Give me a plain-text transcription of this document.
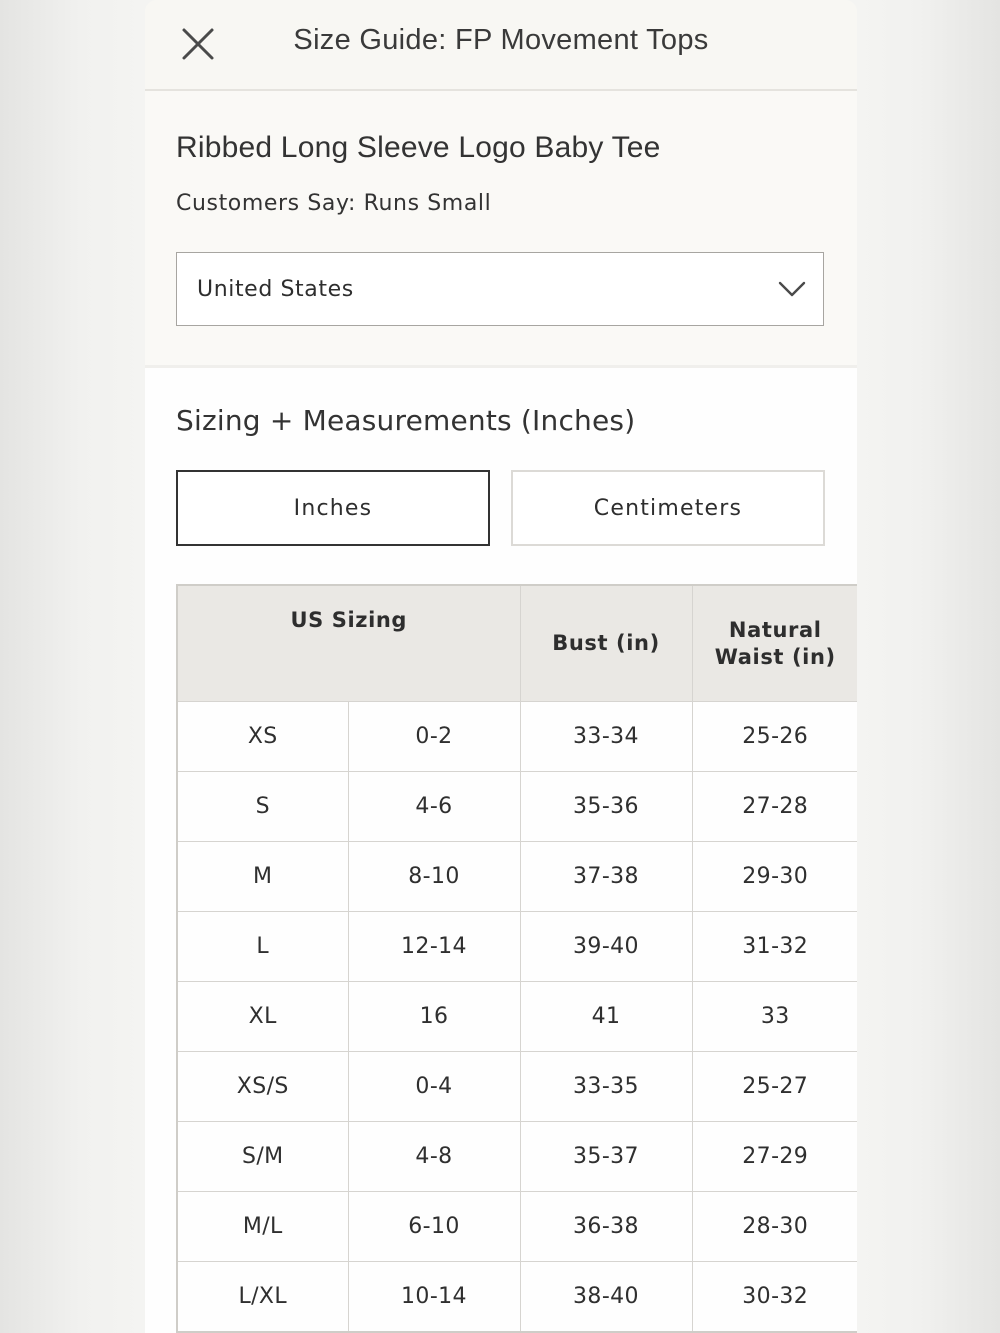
Size Guide: FP Movement Tops
Ribbed Long Sleeve Logo Baby Tee

Customers Say: Runs Small

United States
Sizing + Measurements (Inches)
Inches	Centimeters
US Sizing		Bust (in)	Natural
Waist (in)
XS	0-2	33-34	25-26
S	4-6	35-36	27-28
M	8-10	37-38	29-30
L	12-14	39-40	31-32
XL	16	41	33
XS/S	0-4	33-35	25-27
S/M	4-8	35-37	27-29
M/L	6-10	36-38	28-30
L/XL	10-14	38-40	30-32
